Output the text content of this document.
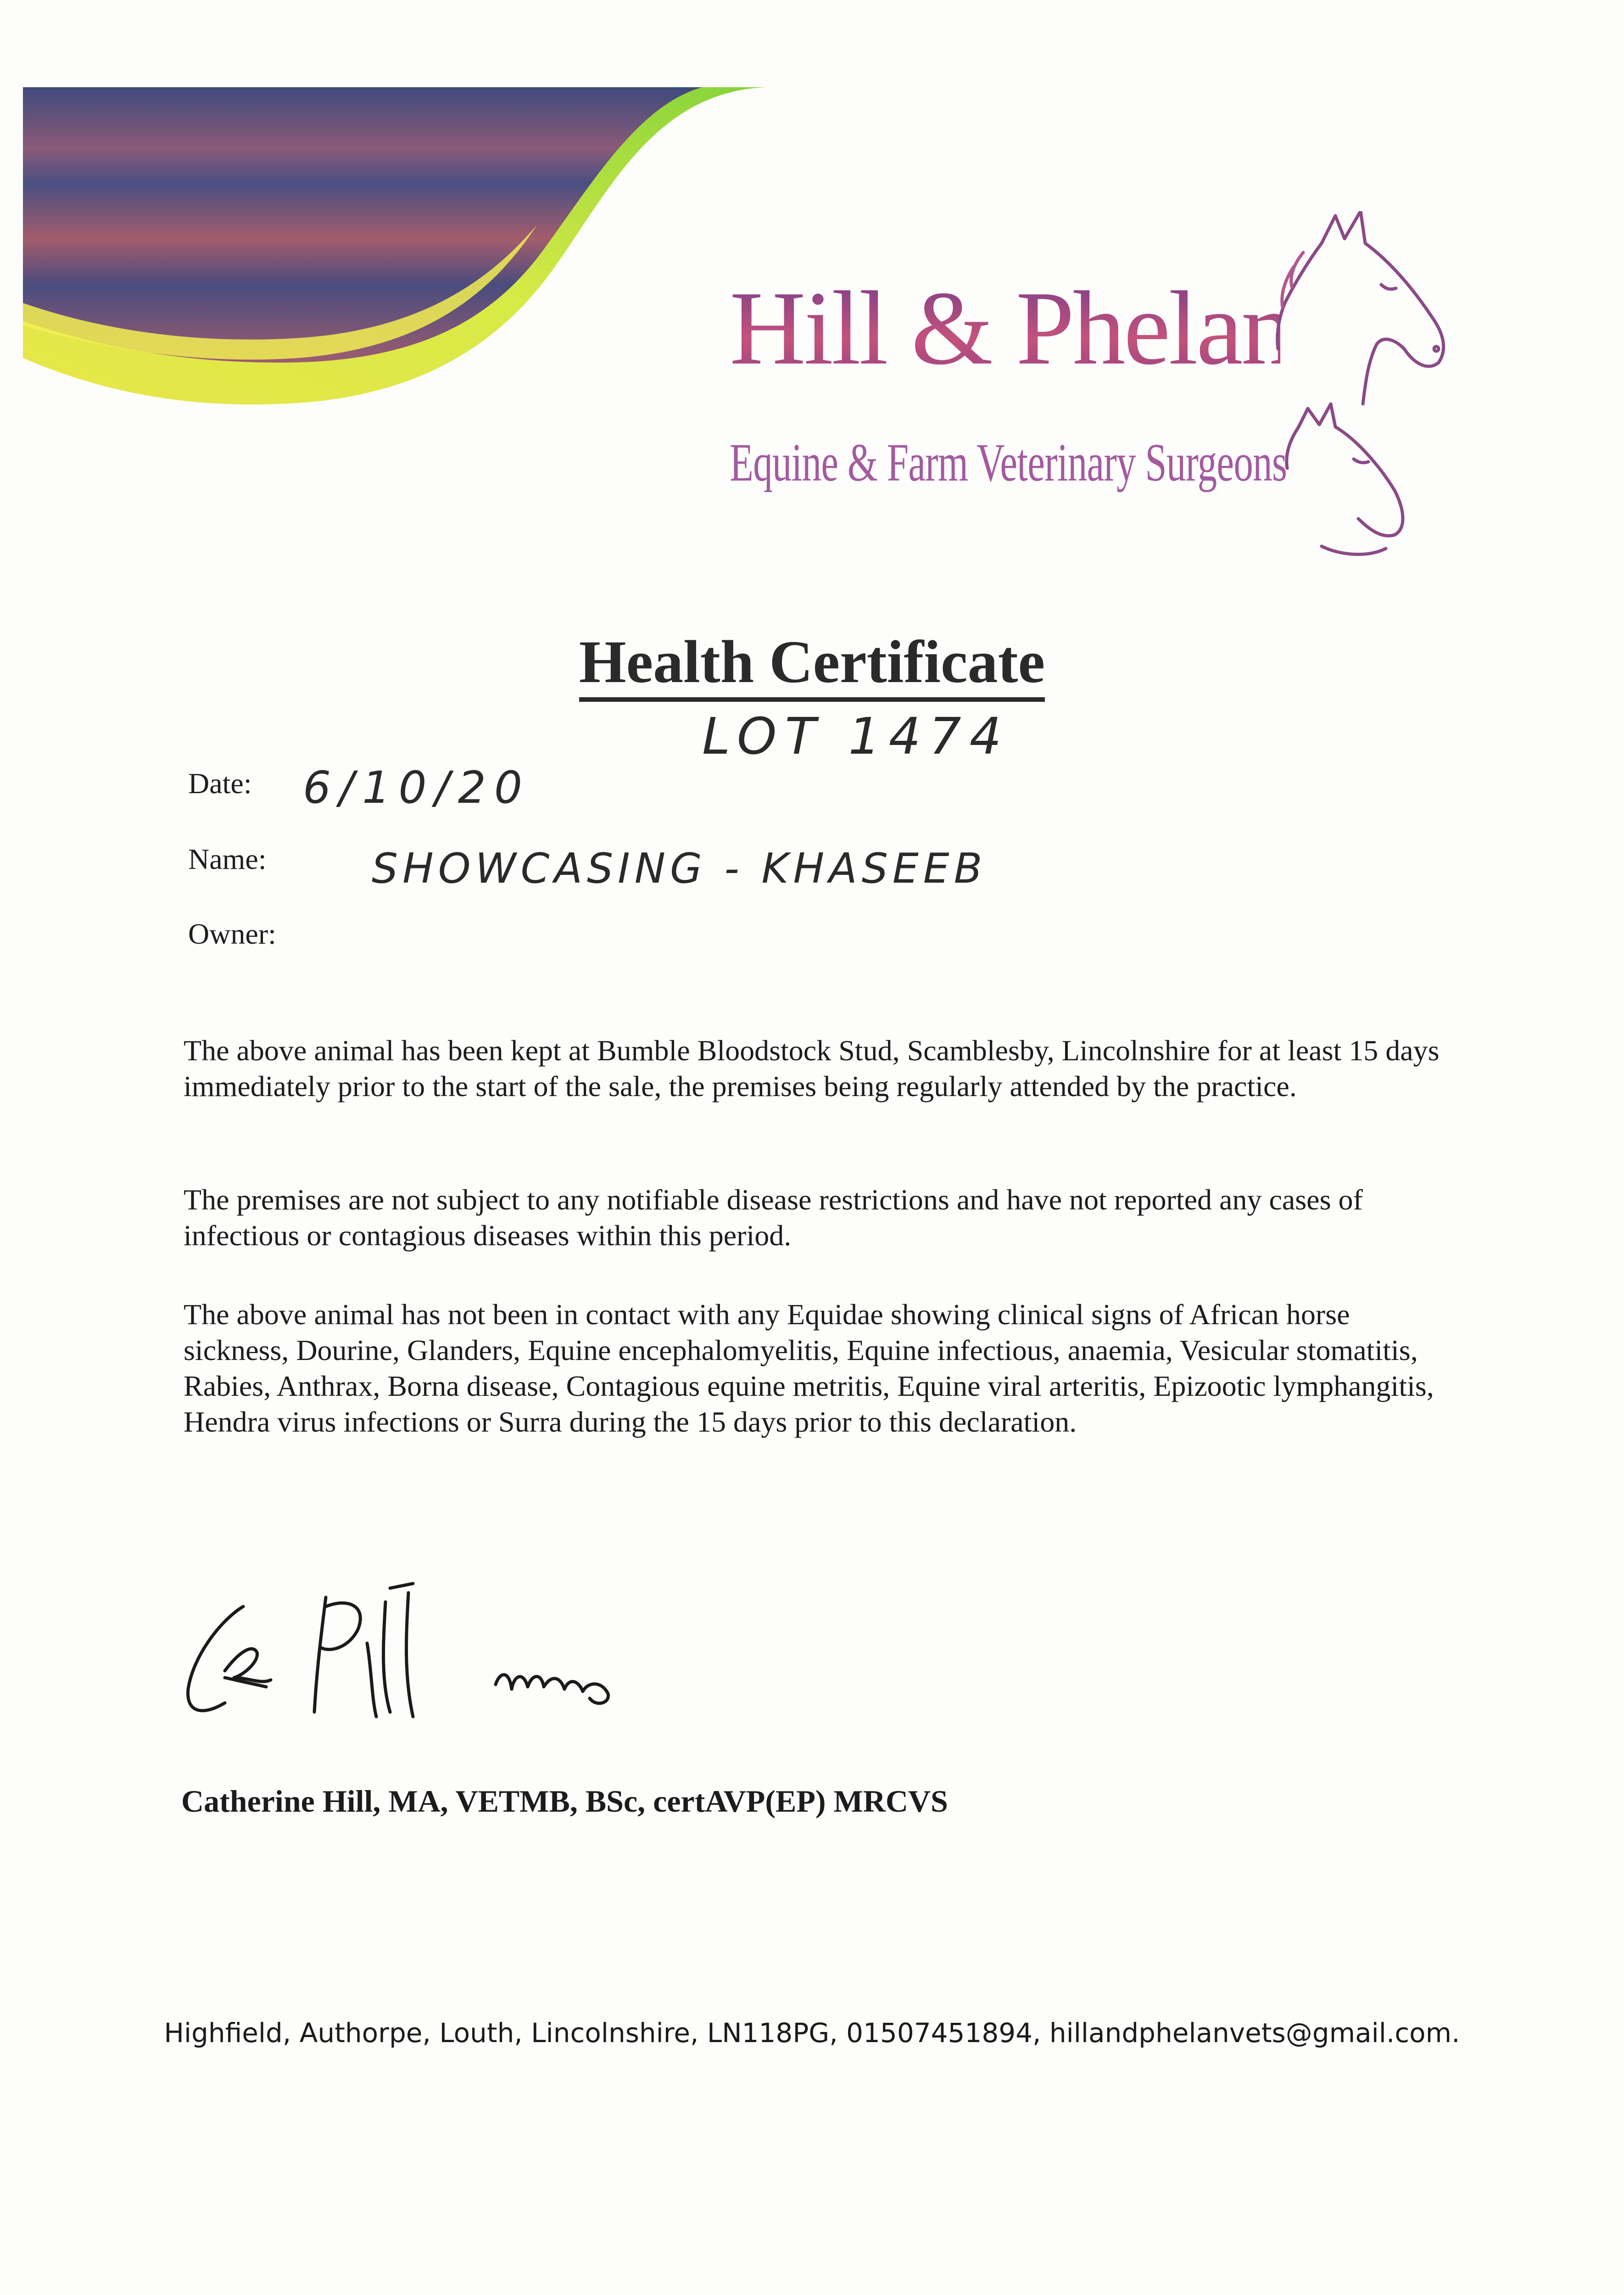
Hill & Phelan
Equine & Farm Veterinary Surgeons
Health Certificate
LOT 1474
Date: 6/10/20
Name:	SHOWCASING - KHASEEB
Owner:

The above animal has been kept at Bumble Bloodstock Stud, Scamblesby, Lincolnshire for at least 15 days immediately prior to the start of the sale, the premises being regularly attended by the practice.

The premises are not subject to any notifiable disease restrictions and have not reported any cases of infectious or contagious diseases within this period.

The above animal has not been in contact with any Equidae showing clinical signs of African horse sickness, Dourine, Glanders, Equine encephalomyelitis, Equine infectious, anaemia, Vesicular stomatitis, Rabies, Anthrax, Borna disease, Contagious equine metritis, Equine viral arteritis, Epizootic lymphangitis, Hendra virus infections or Surra during the 15 days prior to this declaration.

Catherine Hill, MA, VETMB, BSc, certAVP(EP) MRCVS
Highfield, Authorpe, Louth, Lincolnshire, LN118PG, 01507451894, hillandphelanvets@gmail.com.
